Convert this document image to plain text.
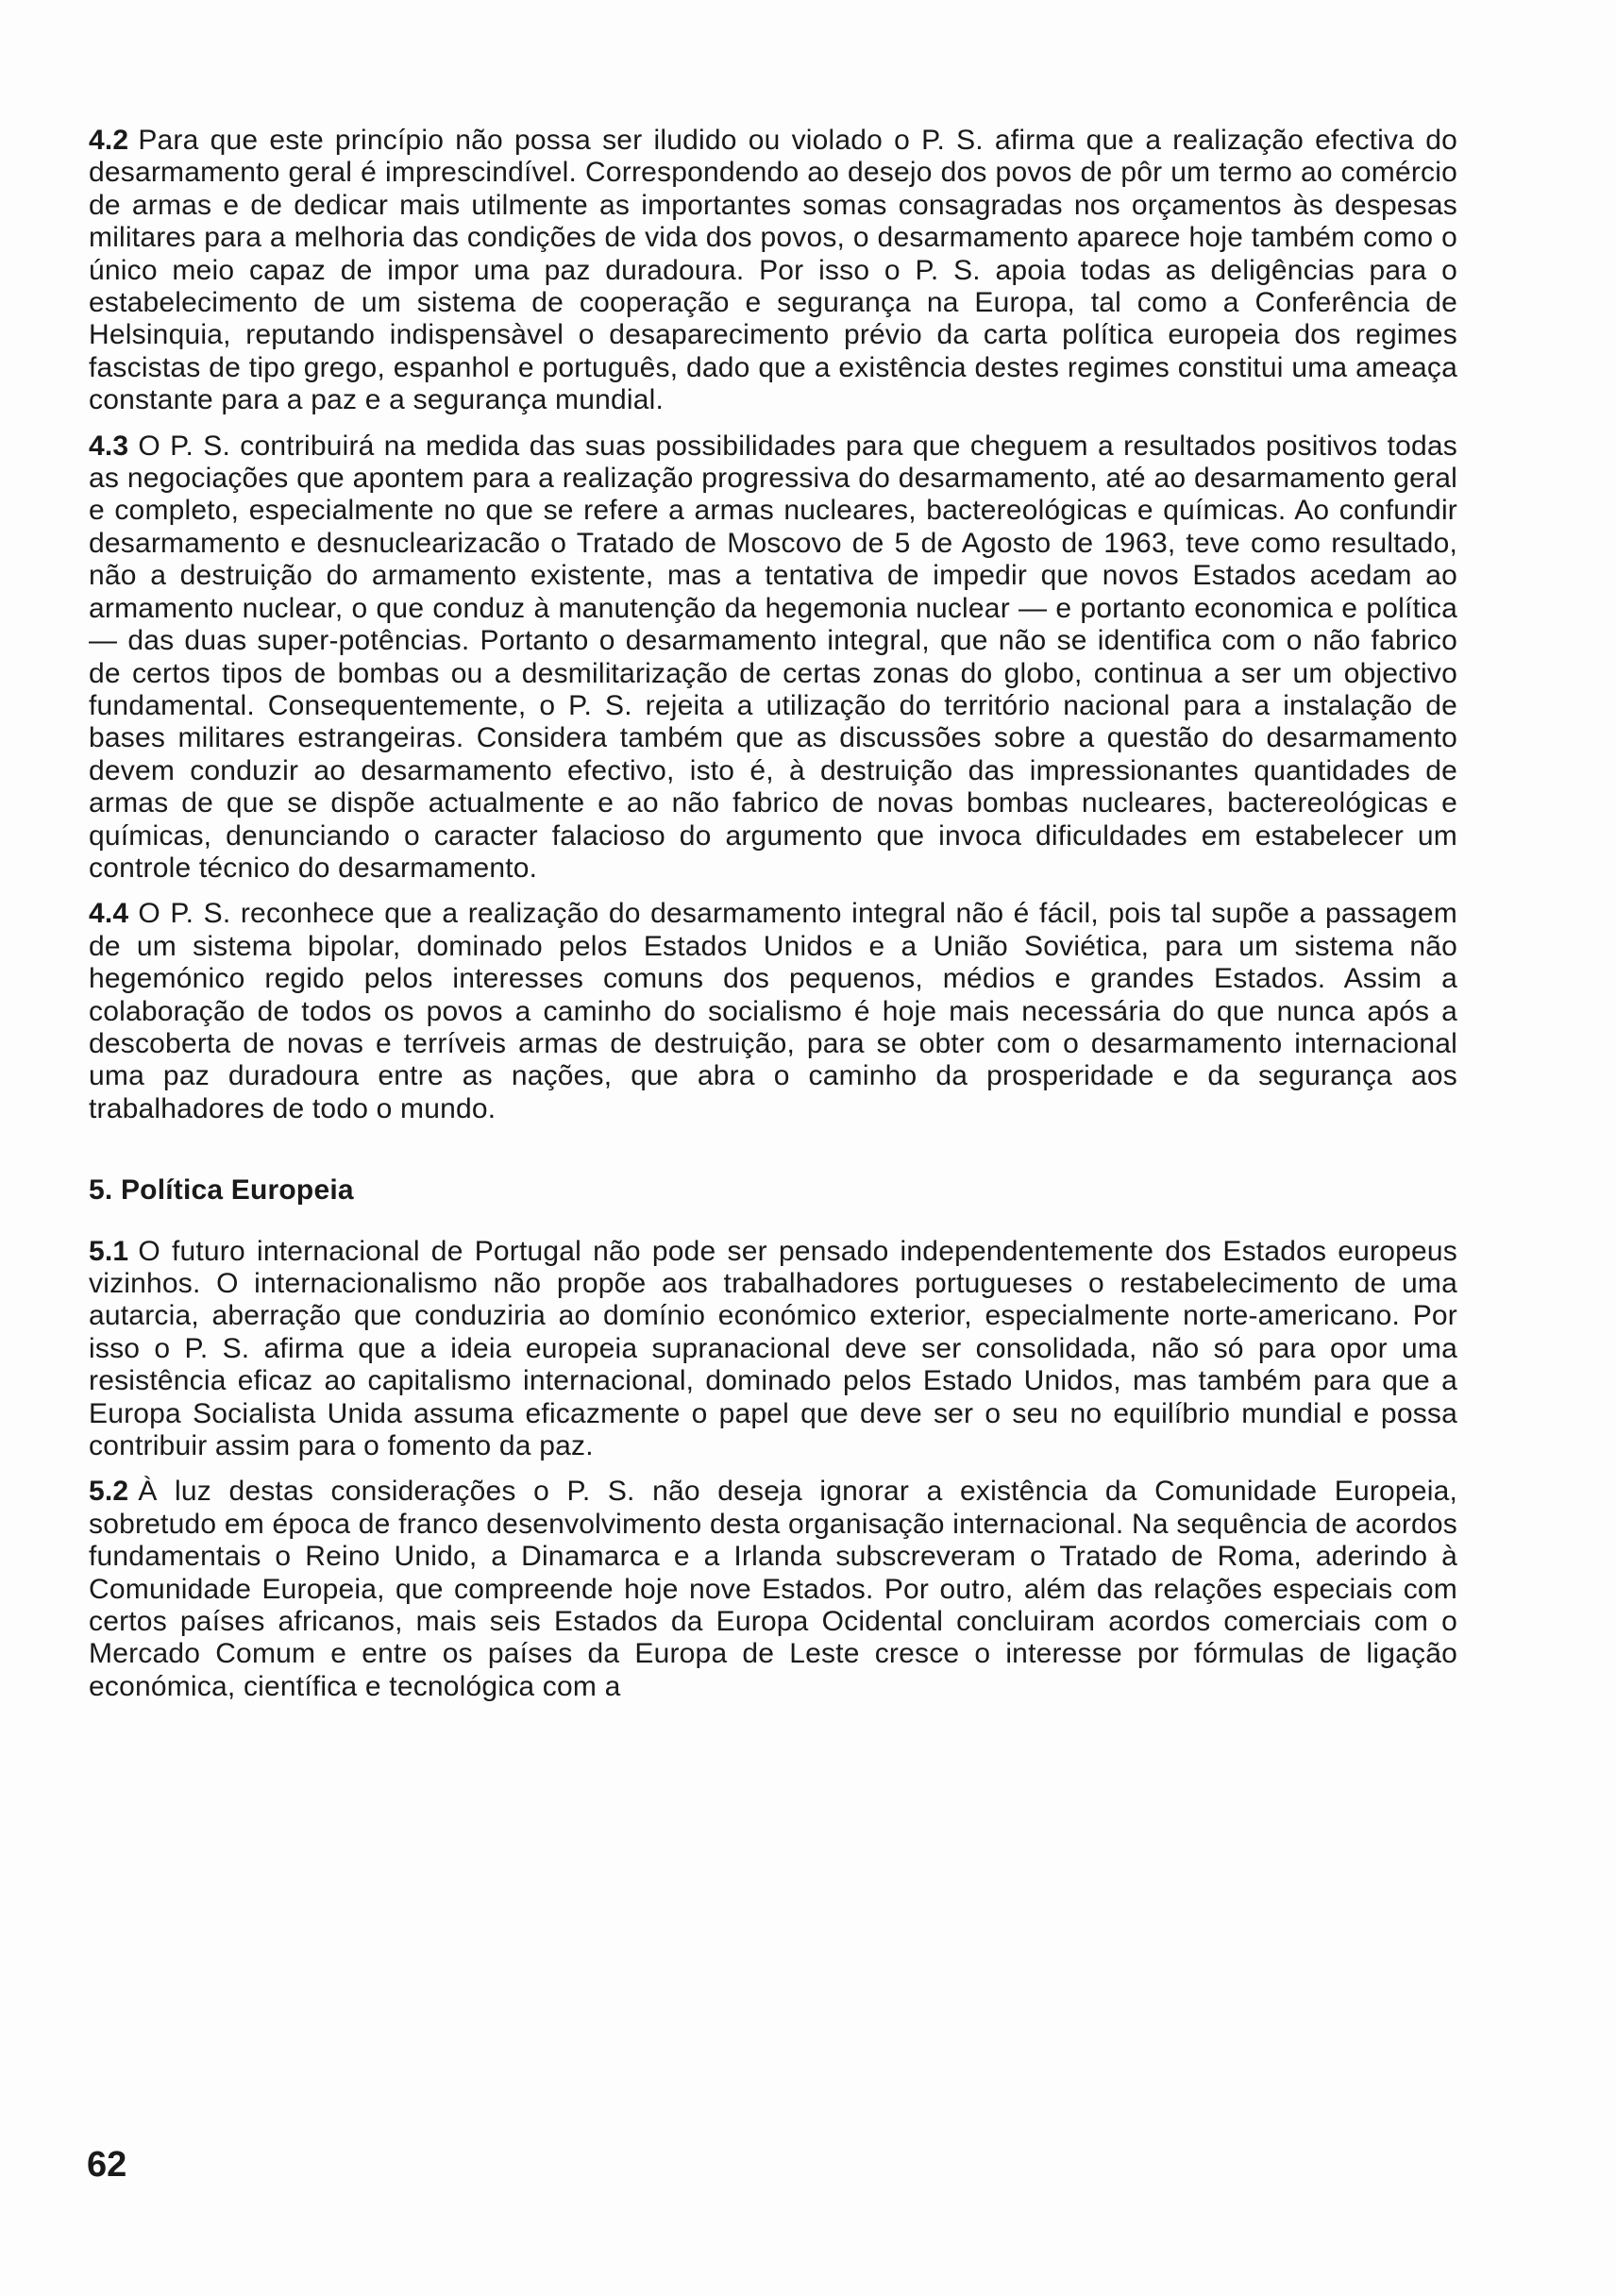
4.2 Para que este princípio não possa ser iludido ou violado o P. S. afirma que a realização efectiva do desarmamento geral é imprescindível. Correspondendo ao desejo dos povos de pôr um termo ao comércio de armas e de dedicar mais utilmente as importantes somas consagradas nos orçamentos às despesas militares para a melhoria das condições de vida dos povos, o desarmamento aparece hoje também como o único meio capaz de impor uma paz duradoura. Por isso o P. S. apoia todas as deligências para o estabelecimento de um sistema de cooperação e segurança na Europa, tal como a Conferência de Helsinquia, reputando indispensàvel o desaparecimento prévio da carta política europeia dos regimes fascistas de tipo grego, espanhol e português, dado que a existência destes regimes constitui uma ameaça constante para a paz e a segurança mundial.

4.3 O P. S. contribuirá na medida das suas possibilidades para que cheguem a resultados positivos todas as negociações que apontem para a realização progressiva do desarmamento, até ao desarmamento geral e completo, especialmente no que se refere a armas nucleares, bactereológicas e químicas. Ao confundir desarmamento e desnuclearizacão o Tratado de Moscovo de 5 de Agosto de 1963, teve como resultado, não a destruição do armamento existente, mas a tentativa de impedir que novos Estados acedam ao armamento nuclear, o que conduz à manutenção da hegemonia nuclear — e portanto economica e política — das duas super-potências. Portanto o desarmamento integral, que não se identifica com o não fabrico de certos tipos de bombas ou a desmilitarização de certas zonas do globo, continua a ser um objectivo fundamental. Consequentemente, o P. S. rejeita a utilização do território nacional para a instalação de bases militares estrangeiras. Considera também que as discussões sobre a questão do desarmamento devem conduzir ao desarmamento efectivo, isto é, à destruição das impressionantes quantidades de armas de que se dispõe actualmente e ao não fabrico de novas bombas nucleares, bactereológicas e químicas, denunciando o caracter falacioso do argumento que invoca dificuldades em estabelecer um controle técnico do desarmamento.

4.4 O P. S. reconhece que a realização do desarmamento integral não é fácil, pois tal supõe a passagem de um sistema bipolar, dominado pelos Estados Unidos e a União Soviética, para um sistema não hegemónico regido pelos interesses comuns dos pequenos, médios e grandes Estados. Assim a colaboração de todos os povos a caminho do socialismo é hoje mais necessária do que nunca após a descoberta de novas e terríveis armas de destruição, para se obter com o desarmamento internacional uma paz duradoura entre as nações, que abra o caminho da prosperidade e da segurança aos trabalhadores de todo o mundo.

5. Política Europeia

5.1 O futuro internacional de Portugal não pode ser pensado independentemente dos Estados europeus vizinhos. O internacionalismo não propõe aos trabalhadores portugueses o restabelecimento de uma autarcia, aberração que conduziria ao domínio económico exterior, especialmente norte-americano. Por isso o P. S. afirma que a ideia europeia supranacional deve ser consolidada, não só para opor uma resistência eficaz ao capitalismo internacional, dominado pelos Estado Unidos, mas também para que a Europa Socialista Unida assuma eficazmente o papel que deve ser o seu no equilíbrio mundial e possa contribuir assim para o fomento da paz.

5.2 À luz destas considerações o P. S. não deseja ignorar a existência da Comunidade Europeia, sobretudo em época de franco desenvolvimento desta organisação internacional. Na sequência de acordos fundamentais o Reino Unido, a Dinamarca e a Irlanda subscreveram o Tratado de Roma, aderindo à Comunidade Europeia, que compreende hoje nove Estados. Por outro, além das relações especiais com certos países africanos, mais seis Estados da Europa Ocidental concluiram acordos comerciais com o Mercado Comum e entre os países da Europa de Leste cresce o interesse por fórmulas de ligação económica, científica e tecnológica com a

62
